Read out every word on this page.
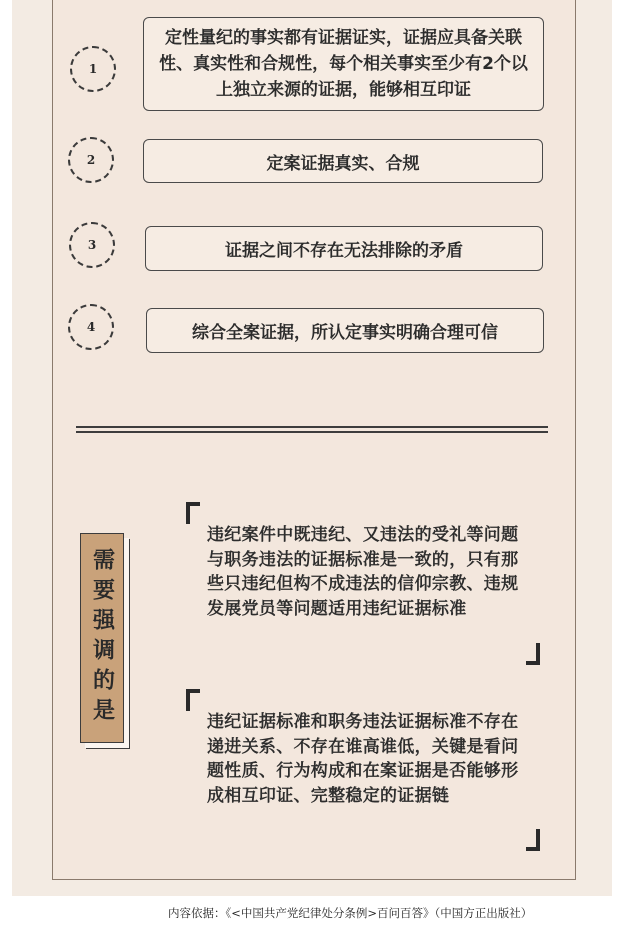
1
定性量纪的事实都有证据证实，证据应具备关联性、真实性和合规性，每个相关事实至少有2个以上独立来源的证据，能够相互印证
2	定案证据真实、合规
3	证据之间不存在无法排除的矛盾
4	综合全案证据，所认定事实明确合理可信
需要强调的是
违纪案件中既违纪、又违法的受礼等问题与职务违法的证据标准是一致的，只有那些只违纪但构不成违法的信仰宗教、违规发展党员等问题适用违纪证据标准
违纪证据标准和职务违法证据标准不存在递进关系、不存在谁高谁低，关键是看问题性质、行为构成和在案证据是否能够形成相互印证、完整稳定的证据链
内容依据：《<中国共产党纪律处分条例>百问百答》（中国方正出版社）
